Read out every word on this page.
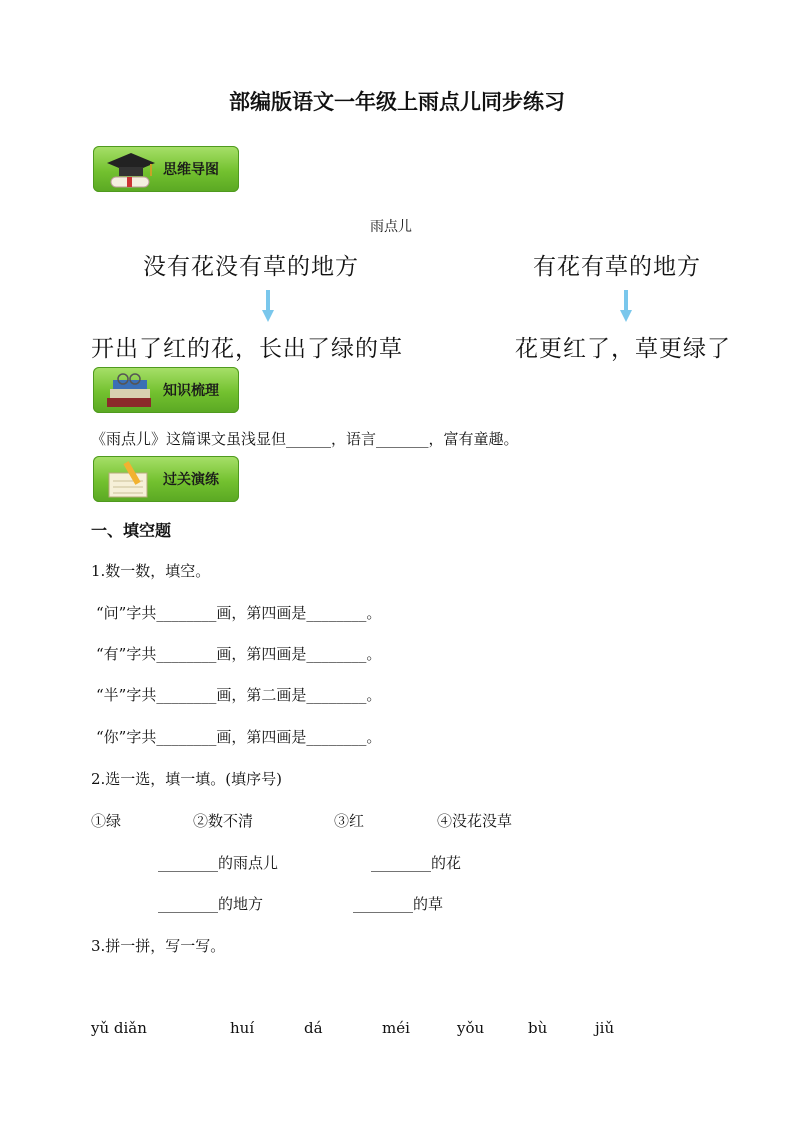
部编版语文一年级上雨点儿同步练习
思维导图
雨点儿
没有花没有草的地方	有花有草的地方
开出了红的花，长出了绿的草	花更红了，草更绿了
知识梳理
《雨点儿》这篇课文虽浅显但______，语言_______，富有童趣。
过关演练
一、填空题
1.数一数，填空。
“问”字共________画，第四画是________。
“有”字共________画，第四画是________。
“半”字共________画，第二画是________。
“你”字共________画，第四画是________。
2.选一选，填一填。(填序号)
①绿	②数不清	③红	④没花没草
________的雨点儿	________的花
________的地方	________的草
3.拼一拼，写一写。
yǔ diǎn	huí	dá	méi	yǒu	bù	jiǔ
